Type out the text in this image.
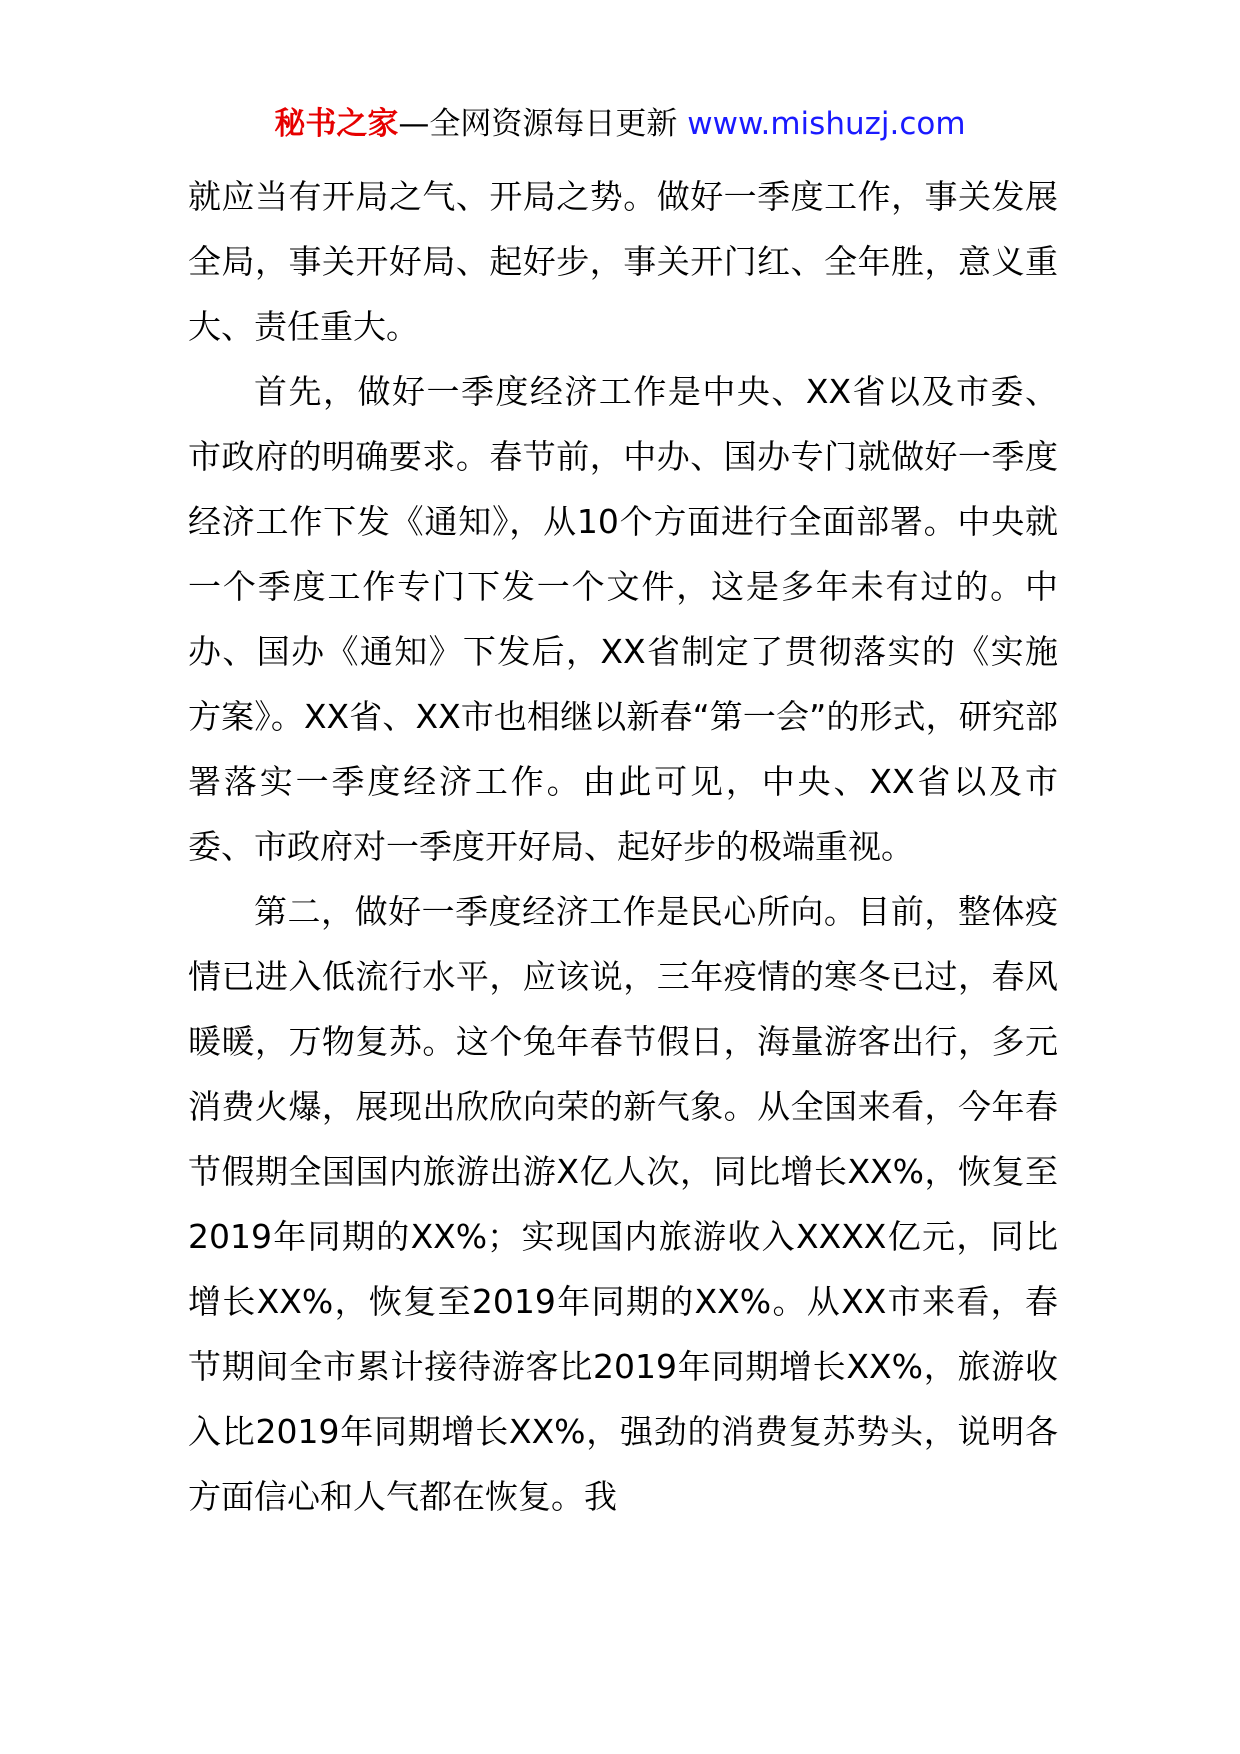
秘书之家—全网资源每日更新 www.mishuzj.com

就应当有开局之气、开局之势。做好一季度工作，事关发展全局，事关开好局、起好步，事关开门红、全年胜，意义重大、责任重大。

首先，做好一季度经济工作是中央、XX省以及市委、市政府的明确要求。春节前，中办、国办专门就做好一季度经济工作下发《通知》，从10个方面进行全面部署。中央就一个季度工作专门下发一个文件，这是多年未有过的。中办、国办《通知》下发后，XX省制定了贯彻落实的《实施方案》。XX省、XX市也相继以新春“第一会”的形式，研究部署落实一季度经济工作。由此可见，中央、XX省以及市委、市政府对一季度开好局、起好步的极端重视。

第二，做好一季度经济工作是民心所向。目前，整体疫情已进入低流行水平，应该说，三年疫情的寒冬已过，春风暖暖，万物复苏。这个兔年春节假日，海量游客出行，多元消费火爆，展现出欣欣向荣的新气象。从全国来看，今年春节假期全国国内旅游出游X亿人次，同比增长XX%，恢复至2019年同期的XX%；实现国内旅游收入XXXX亿元，同比增长XX%，恢复至2019年同期的XX%。从XX市来看，春节期间全市累计接待游客比2019年同期增长XX%，旅游收入比2019年同期增长XX%，强劲的消费复苏势头，说明各方面信心和人气都在恢复。我
